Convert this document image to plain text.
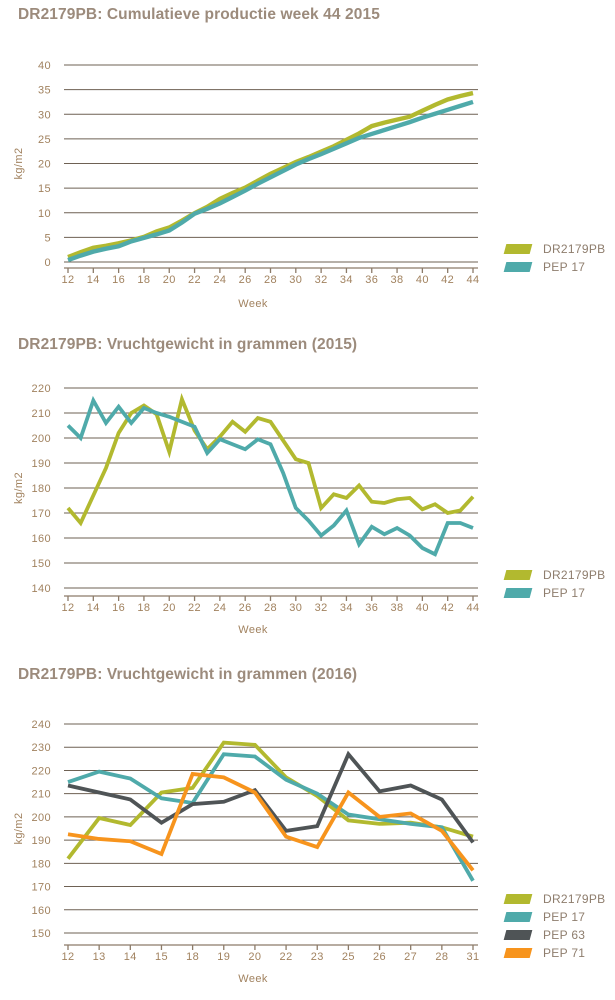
DR2179PB: Cumulatieve productie week 44 2015
0
5
10
15
20
25
30
35
40
kg/m2
12 14 16 18 20 22 24 26 28 30 32 34 36 38 40 42 44
Week
DR2179PB
PEP 17
DR2179PB: Vruchtgewicht in grammen (2015)
140
150
160
170
180
190
200
210
220
kg/m2
12 14 16 18 20 22 24 26 28 30 32 34 36 38 40 42 44
Week
DR2179PB
PEP 17
DR2179PB: Vruchtgewicht in grammen (2016)
150
160
170
180
190
200
210
220
230
240
kg/m2
12 13 14 15 18 19 20 22 23 25 26 27 28 31
Week
DR2179PB
PEP 17
PEP 63
PEP 71
